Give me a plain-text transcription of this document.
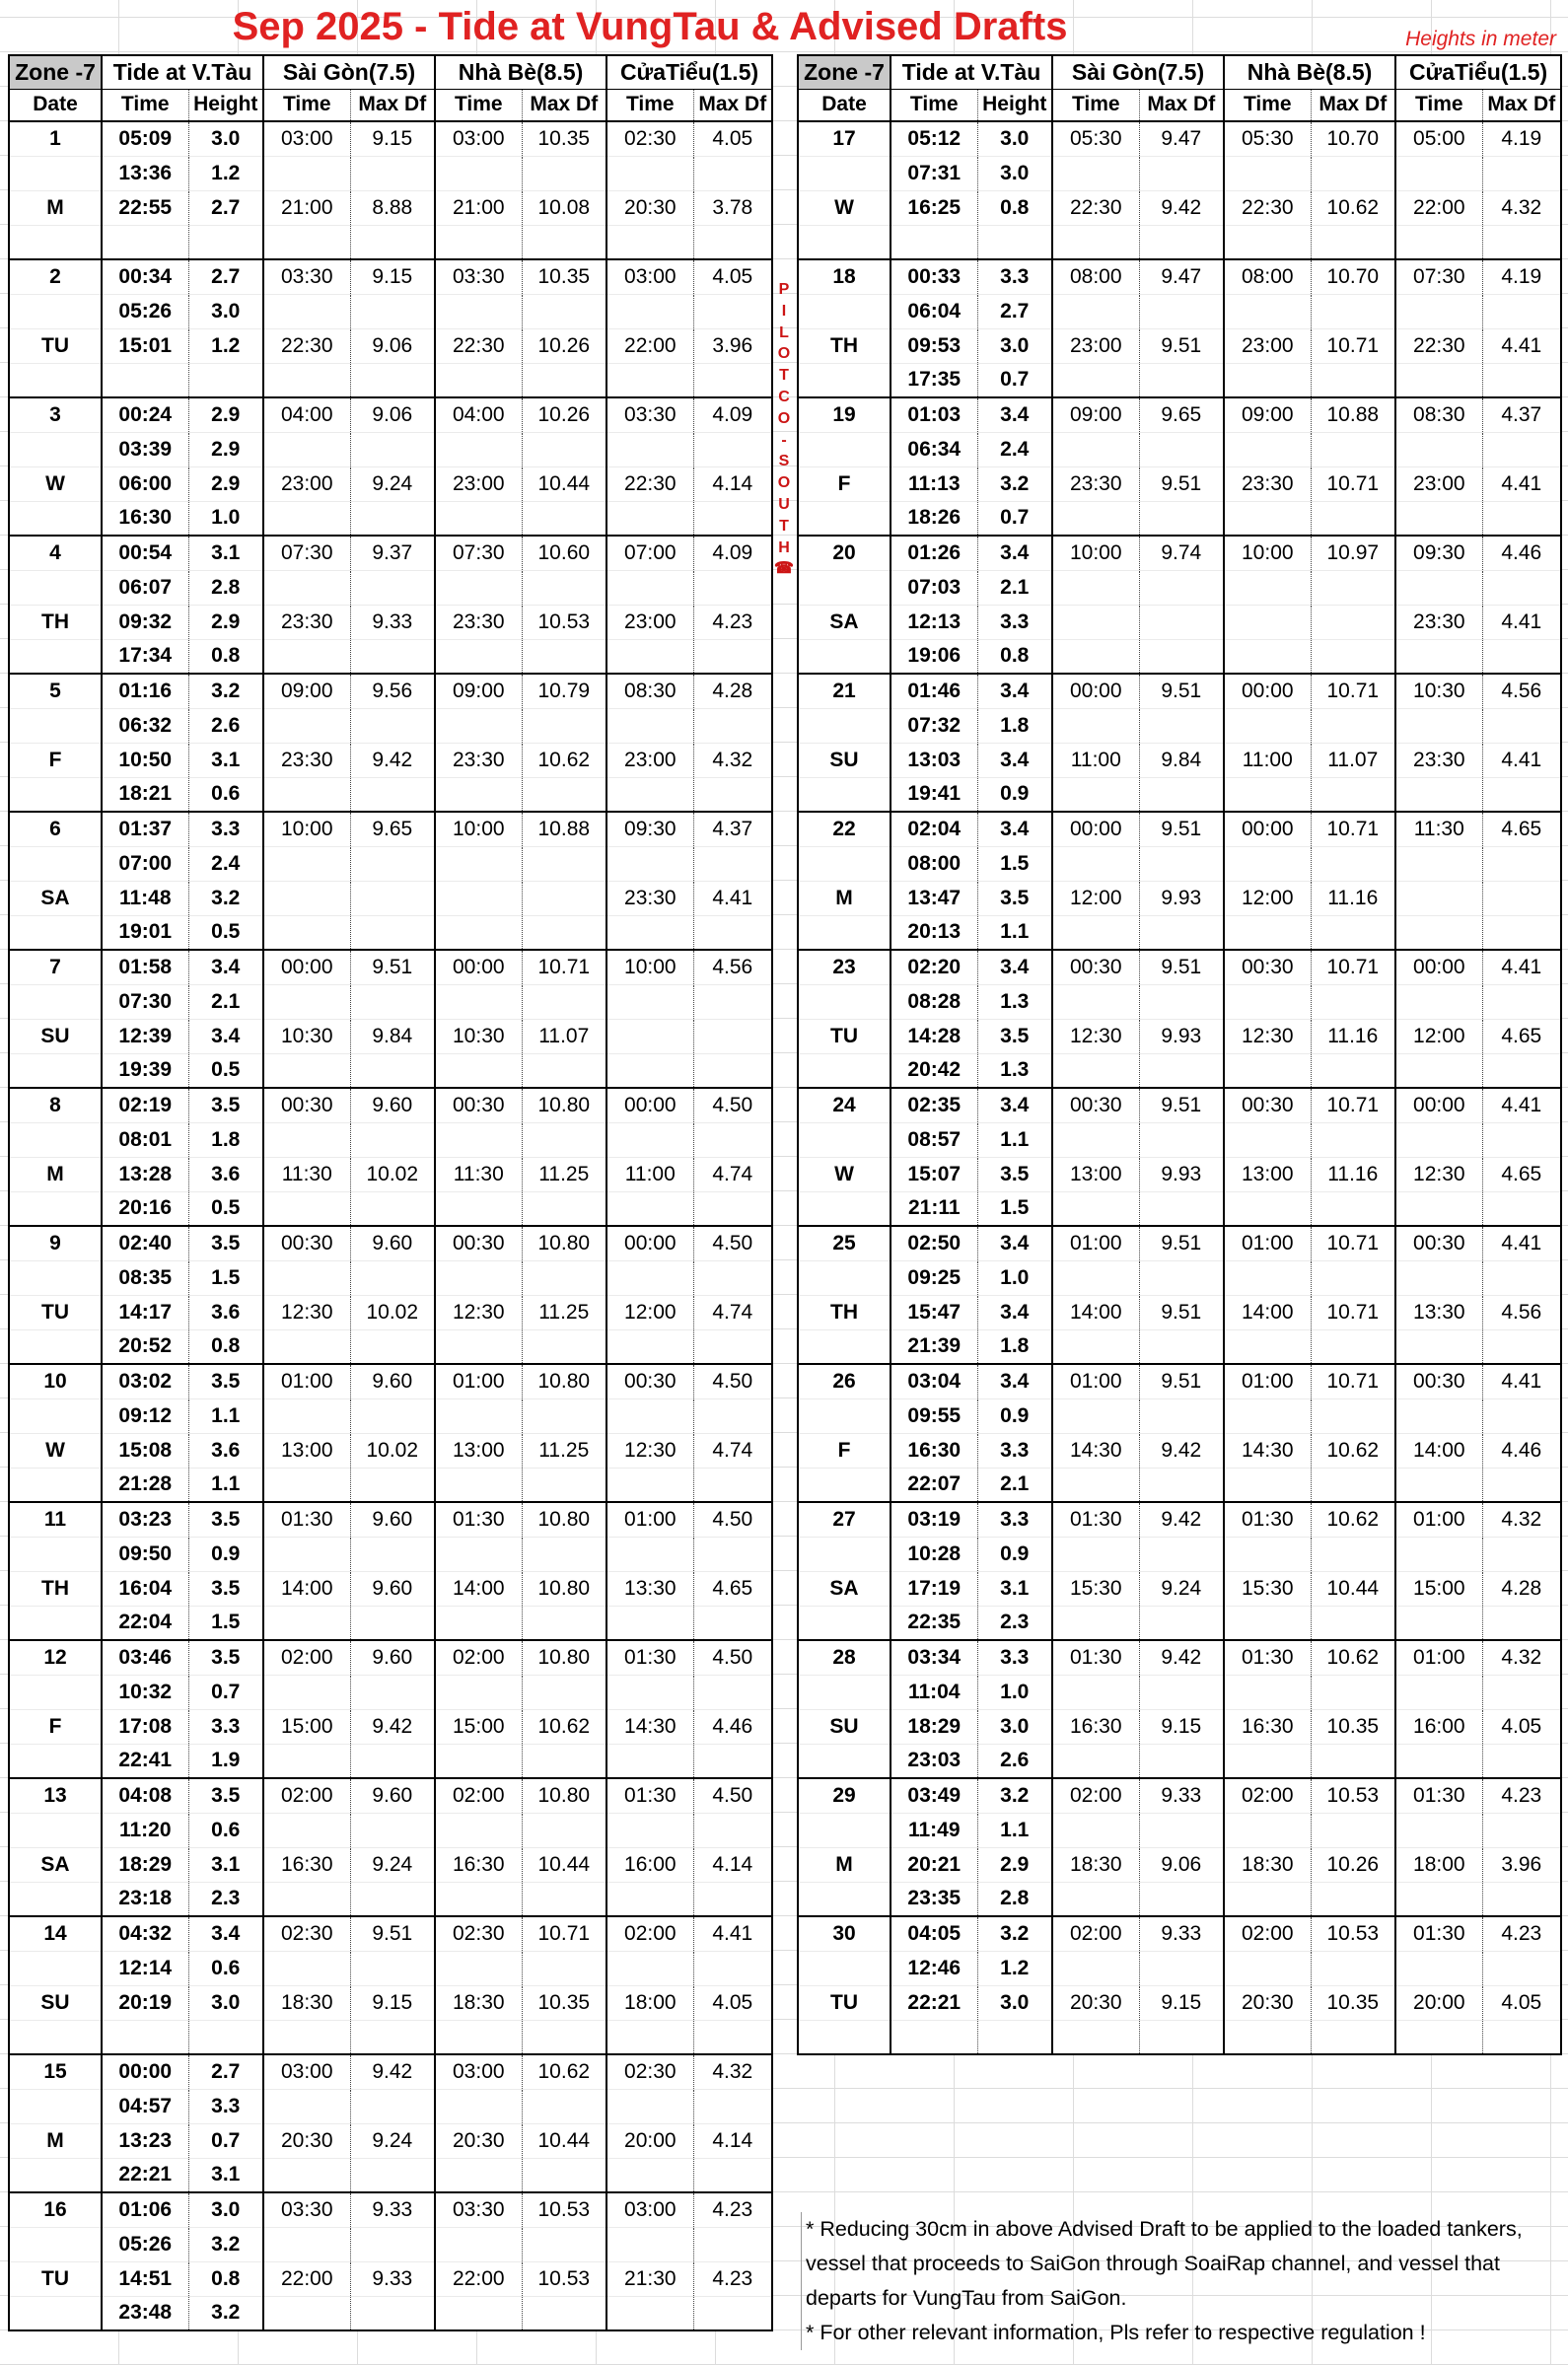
Sep 2025 - Tide at VungTau & Advised Drafts	Heights in meter
Zone -7	Tide at V.Tàu		Sài Gòn(7.5)		Nhà Bè(8.5)		CửaTiểu(1.5)	
Date	Time	Height	Time	Max Df	Time	Max Df	Time	Max Df
1	05:09	3.0	03:00	9.15	03:00	10.35	02:30	4.05
	13:36	1.2						
M	22:55	2.7	21:00	8.88	21:00	10.08	20:30	3.78

2	00:34	2.7	03:30	9.15	03:30	10.35	03:00	4.05
	05:26	3.0						
TU	15:01	1.2	22:30	9.06	22:30	10.26	22:00	3.96

3	00:24	2.9	04:00	9.06	04:00	10.26	03:30	4.09
	03:39	2.9						
W	06:00	2.9	23:00	9.24	23:00	10.44	22:30	4.14
	16:30	1.0						
4	00:54	3.1	07:30	9.37	07:30	10.60	07:00	4.09
	06:07	2.8						
TH	09:32	2.9	23:30	9.33	23:30	10.53	23:00	4.23
	17:34	0.8						
5	01:16	3.2	09:00	9.56	09:00	10.79	08:30	4.28
	06:32	2.6						
F	10:50	3.1	23:30	9.42	23:30	10.62	23:00	4.32
	18:21	0.6						
6	01:37	3.3	10:00	9.65	10:00	10.88	09:30	4.37
	07:00	2.4						
SA	11:48	3.2					23:30	4.41
	19:01	0.5						
7	01:58	3.4	00:00	9.51	00:00	10.71	10:00	4.56
	07:30	2.1						
SU	12:39	3.4	10:30	9.84	10:30	11.07		
	19:39	0.5						
8	02:19	3.5	00:30	9.60	00:30	10.80	00:00	4.50
	08:01	1.8						
M	13:28	3.6	11:30	10.02	11:30	11.25	11:00	4.74
	20:16	0.5						
9	02:40	3.5	00:30	9.60	00:30	10.80	00:00	4.50
	08:35	1.5						
TU	14:17	3.6	12:30	10.02	12:30	11.25	12:00	4.74
	20:52	0.8						
10	03:02	3.5	01:00	9.60	01:00	10.80	00:30	4.50
	09:12	1.1						
W	15:08	3.6	13:00	10.02	13:00	11.25	12:30	4.74
	21:28	1.1						
11	03:23	3.5	01:30	9.60	01:30	10.80	01:00	4.50
	09:50	0.9						
TH	16:04	3.5	14:00	9.60	14:00	10.80	13:30	4.65
	22:04	1.5						
12	03:46	3.5	02:00	9.60	02:00	10.80	01:30	4.50
	10:32	0.7						
F	17:08	3.3	15:00	9.42	15:00	10.62	14:30	4.46
	22:41	1.9						
13	04:08	3.5	02:00	9.60	02:00	10.80	01:30	4.50
	11:20	0.6						
SA	18:29	3.1	16:30	9.24	16:30	10.44	16:00	4.14
	23:18	2.3						
14	04:32	3.4	02:30	9.51	02:30	10.71	02:00	4.41
	12:14	0.6						
SU	20:19	3.0	18:30	9.15	18:30	10.35	18:00	4.05

15	00:00	2.7	03:00	9.42	03:00	10.62	02:30	4.32
	04:57	3.3						
M	13:23	0.7	20:30	9.24	20:30	10.44	20:00	4.14
	22:21	3.1						
16	01:06	3.0	03:30	9.33	03:30	10.53	03:00	4.23
	05:26	3.2						
TU	14:51	0.8	22:00	9.33	22:00	10.53	21:30	4.23
	23:48	3.2						
Zone -7	Tide at V.Tàu		Sài Gòn(7.5)		Nhà Bè(8.5)		CửaTiểu(1.5)	
Date	Time	Height	Time	Max Df	Time	Max Df	Time	Max Df
17	05:12	3.0	05:30	9.47	05:30	10.70	05:00	4.19
	07:31	3.0						
W	16:25	0.8	22:30	9.42	22:30	10.62	22:00	4.32

18	00:33	3.3	08:00	9.47	08:00	10.70	07:30	4.19
	06:04	2.7						
TH	09:53	3.0	23:00	9.51	23:00	10.71	22:30	4.41
	17:35	0.7						
19	01:03	3.4	09:00	9.65	09:00	10.88	08:30	4.37
	06:34	2.4						
F	11:13	3.2	23:30	9.51	23:30	10.71	23:00	4.41
	18:26	0.7						
20	01:26	3.4	10:00	9.74	10:00	10.97	09:30	4.46
	07:03	2.1						
SA	12:13	3.3					23:30	4.41
	19:06	0.8						
21	01:46	3.4	00:00	9.51	00:00	10.71	10:30	4.56
	07:32	1.8						
SU	13:03	3.4	11:00	9.84	11:00	11.07	23:30	4.41
	19:41	0.9						
22	02:04	3.4	00:00	9.51	00:00	10.71	11:30	4.65
	08:00	1.5						
M	13:47	3.5	12:00	9.93	12:00	11.16		
	20:13	1.1						
23	02:20	3.4	00:30	9.51	00:30	10.71	00:00	4.41
	08:28	1.3						
TU	14:28	3.5	12:30	9.93	12:30	11.16	12:00	4.65
	20:42	1.3						
24	02:35	3.4	00:30	9.51	00:30	10.71	00:00	4.41
	08:57	1.1						
W	15:07	3.5	13:00	9.93	13:00	11.16	12:30	4.65
	21:11	1.5						
25	02:50	3.4	01:00	9.51	01:00	10.71	00:30	4.41
	09:25	1.0						
TH	15:47	3.4	14:00	9.51	14:00	10.71	13:30	4.56
	21:39	1.8						
26	03:04	3.4	01:00	9.51	01:00	10.71	00:30	4.41
	09:55	0.9						
F	16:30	3.3	14:30	9.42	14:30	10.62	14:00	4.46
	22:07	2.1						
27	03:19	3.3	01:30	9.42	01:30	10.62	01:00	4.32
	10:28	0.9						
SA	17:19	3.1	15:30	9.24	15:30	10.44	15:00	4.28
	22:35	2.3						
28	03:34	3.3	01:30	9.42	01:30	10.62	01:00	4.32
	11:04	1.0						
SU	18:29	3.0	16:30	9.15	16:30	10.35	16:00	4.05
	23:03	2.6						
29	03:49	3.2	02:00	9.33	02:00	10.53	01:30	4.23
	11:49	1.1						
M	20:21	2.9	18:30	9.06	18:30	10.26	18:00	3.96
	23:35	2.8						
30	04:05	3.2	02:00	9.33	02:00	10.53	01:30	4.23
	12:46	1.2						
TU	22:21	3.0	20:30	9.15	20:30	10.35	20:00	4.05

P
I
L
O
T
C
O
-
S
O
U
T
H
☎
* Reducing 30cm in above Advised Draft to be applied to the loaded tankers, vessel that proceeds to SaiGon through SoaiRap channel, and vessel that departs for VungTau from SaiGon.
* For other relevant information, Pls refer to respective regulation !
